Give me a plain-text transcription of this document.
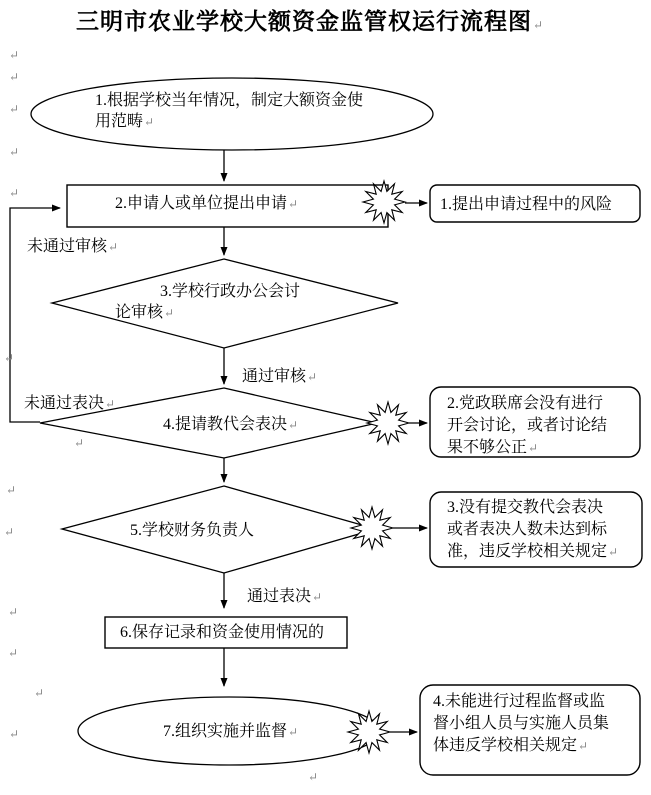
三明市农业学校大额资金监管权运行流程图↵
1.根据学校当年情况，制定大额资金使
用范畴↵
2.申请人或单位提出申请↵
3.学校行政办公会讨
论审核↵
4.提请教代会表决↵
5.学校财务负责人
6.保存记录和资金使用情况的
7.组织实施并监督↵
未通过审核↵
通过审核↵
未通过表决↵
通过表决↵
1.提出申请过程中的风险
2.党政联席会没有进行
开会讨论，或者讨论结
果不够公正↵
3.没有提交教代会表决
或者表决人数未达到标
准，违反学校相关规定↵
4.未能进行过程监督或监
督小组人员与实施人员集
体违反学校相关规定↵
↵
↵
↵
↵
↵
↵
↵
↵
↵
↵
↵
↵
↵
↵
